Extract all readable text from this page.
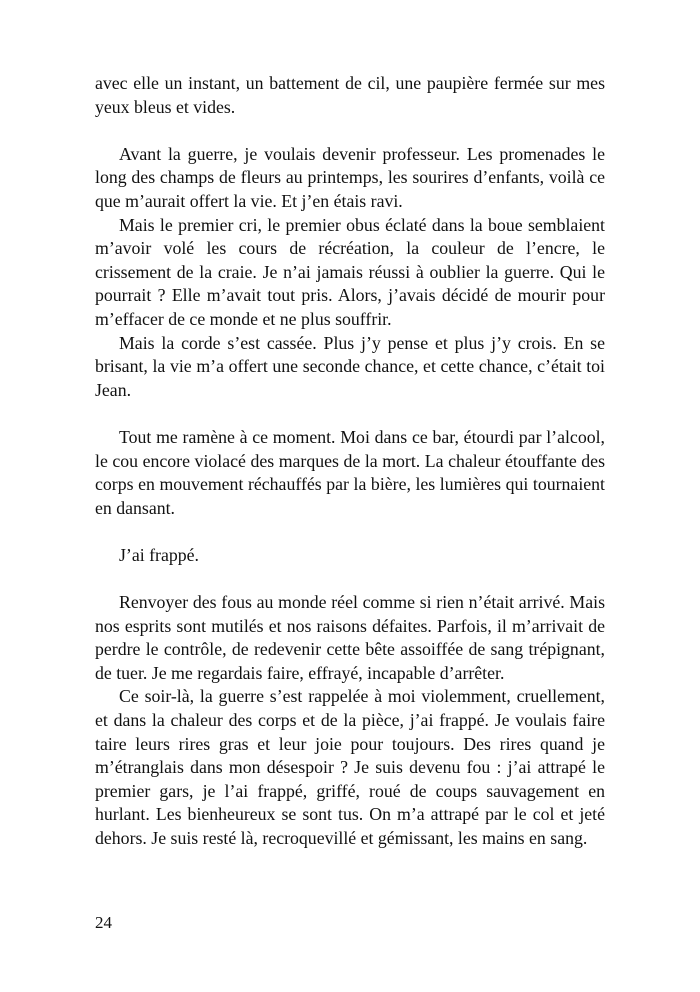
avec elle un instant, un battement de cil, une paupière fermée sur mes yeux bleus et vides.

Avant la guerre, je voulais devenir professeur. Les promenades le long des champs de fleurs au printemps, les sourires d’enfants, voilà ce que m’aurait offert la vie. Et j’en étais ravi.

Mais le premier cri, le premier obus éclaté dans la boue semblaient m’avoir volé les cours de récréation, la couleur de l’encre, le crissement de la craie. Je n’ai jamais réussi à oublier la guerre. Qui le pourrait ? Elle m’avait tout pris. Alors, j’avais décidé de mourir pour m’effacer de ce monde et ne plus souffrir.

Mais la corde s’est cassée. Plus j’y pense et plus j’y crois. En se brisant, la vie m’a offert une seconde chance, et cette chance, c’était toi Jean.

Tout me ramène à ce moment. Moi dans ce bar, étourdi par l’alcool, le cou encore violacé des marques de la mort. La chaleur étouffante des corps en mouvement réchauffés par la bière, les lumières qui tournaient en dansant.

J’ai frappé.

Renvoyer des fous au monde réel comme si rien n’était arrivé. Mais nos esprits sont mutilés et nos raisons défaites. Parfois, il m’arrivait de perdre le contrôle, de redevenir cette bête assoiffée de sang trépignant, de tuer. Je me regardais faire, effrayé, incapable d’arrêter.

Ce soir-là, la guerre s’est rappelée à moi violemment, cruellement, et dans la chaleur des corps et de la pièce, j’ai frappé. Je voulais faire taire leurs rires gras et leur joie pour toujours. Des rires quand je m’étranglais dans mon désespoir ? Je suis devenu fou : j’ai attrapé le premier gars, je l’ai frappé, griffé, roué de coups sauvagement en hurlant. Les bienheureux se sont tus. On m’a attrapé par le col et jeté dehors. Je suis resté là, recroquevillé et gémissant, les mains en sang.

24
